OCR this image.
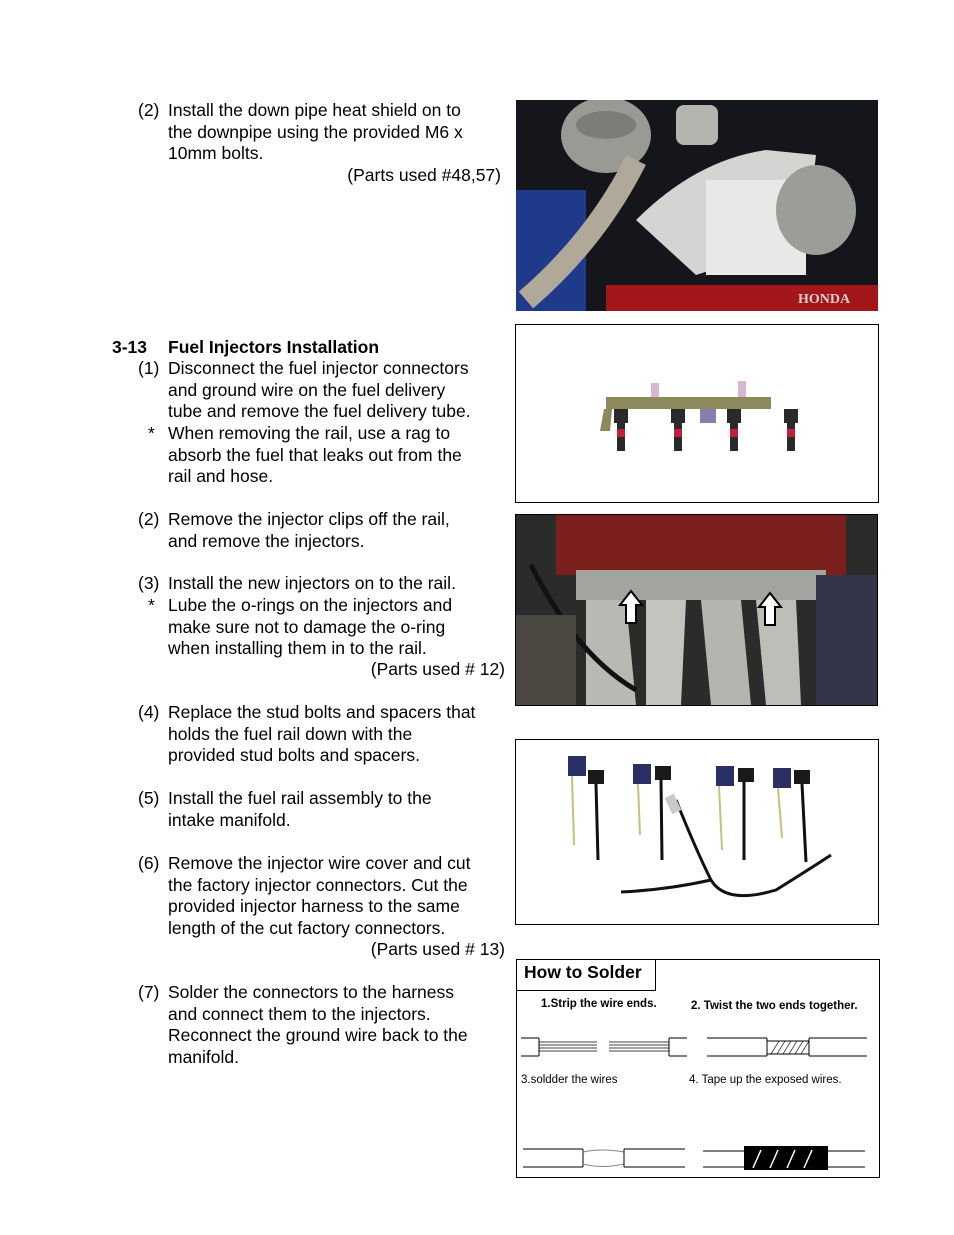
(2) Install the down pipe heat shield on to
the downpipe using the provided M6 x
10mm bolts.
(Parts used #48,57)
HONDA
3-13 Fuel Injectors Installation
(1) Disconnect the fuel injector connectors
and ground wire on the fuel delivery
tube and remove the fuel delivery tube.
* When removing the rail, use a rag to
absorb the fuel that leaks out from the
rail and hose.
(2) Remove the injector clips off the rail,
and remove the injectors.
(3) Install the new injectors on to the rail.
* Lube the o-rings on the injectors and
make sure not to damage the o-ring
when installing them in to the rail.
(Parts used # 12)
(4) Replace the stud bolts and spacers that
holds the fuel rail down with the
provided stud bolts and spacers.
(5) Install the fuel rail assembly to the
intake manifold.
(6) Remove the injector wire cover and cut
the factory injector connectors. Cut the
provided injector harness to the same
length of the cut factory connectors.
(Parts used # 13)
(7) Solder the connectors to the harness
and connect them to the injectors.
Reconnect the ground wire back to the
manifold.
How to Solder
1.Strip the wire ends.	2. Twist the two ends together.
3.soldder the wires	4. Tape up the exposed wires.
